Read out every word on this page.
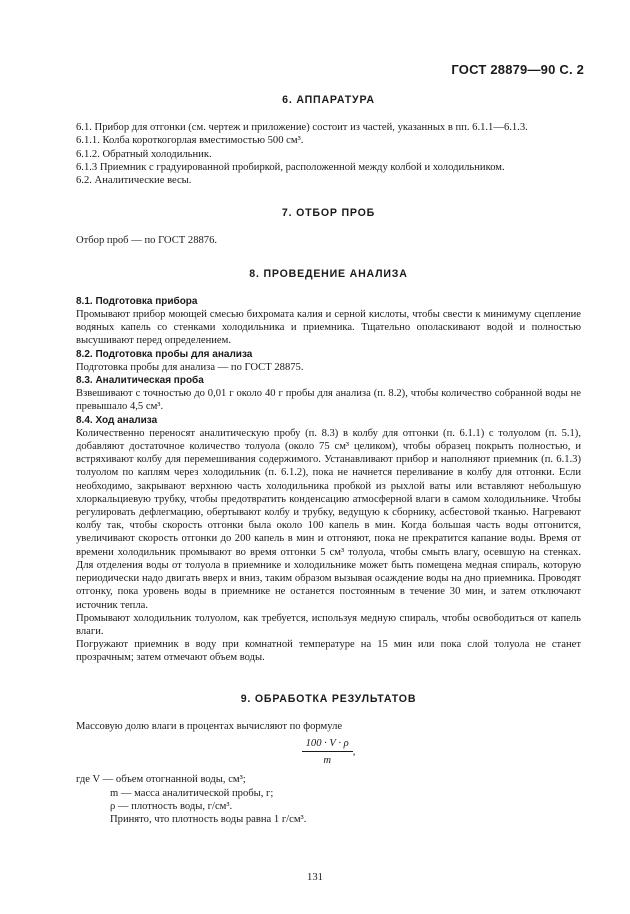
ГОСТ 28879—90 С. 2
6. АППАРАТУРА

6.1. Прибор для отгонки (см. чертеж и приложение) состоит из частей, указанных в пп. 6.1.1—6.1.3.

6.1.1. Колба короткогорлая вместимостью 500 см³.

6.1.2. Обратный холодильник.

6.1.3 Приемник с градуированной пробиркой, расположенной между колбой и холодильником.

6.2. Аналитические весы.

7. ОТБОР ПРОБ

Отбор проб — по ГОСТ 28876.

8. ПРОВЕДЕНИЕ АНАЛИЗА
8.1. Подготовка прибора

Промывают прибор моющей смесью бихромата калия и серной кислоты, чтобы свести к минимуму сцепление водяных капель со стенками холодильника и приемника. Тщательно ополаскивают водой и полностью высушивают перед определением.

8.2. Подготовка пробы для анализа

Подготовка пробы для анализа — по ГОСТ 28875.

8.3. Аналитическая проба

Взвешивают с точностью до 0,01 г около 40 г пробы для анализа (п. 8.2), чтобы количество собранной воды не превышало 4,5 см³.

8.4. Ход анализа

Количественно переносят аналитическую пробу (п. 8.3) в колбу для отгонки (п. 6.1.1) с толуолом (п. 5.1), добавляют достаточное количество толуола (около 75 см³ целиком), чтобы образец покрыть полностью, и встряхивают колбу для перемешивания содержимого. Устанавливают прибор и наполняют приемник (п. 6.1.3) толуолом по каплям через холодильник (п. 6.1.2), пока не начнется переливание в колбу для отгонки. Если необходимо, закрывают верхнюю часть холодильника пробкой из рыхлой ваты или вставляют небольшую хлоркальциевую трубку, чтобы предотвратить конденсацию атмосферной влаги в самом холодильнике. Чтобы регулировать дефлегмацию, обертывают колбу и трубку, ведущую к сборнику, асбестовой тканью. Нагревают колбу так, чтобы скорость отгонки была около 100 капель в мин. Когда большая часть воды отгонится, увеличивают скорость отгонки до 200 капель в мин и отгоняют, пока не прекратится капание воды. Время от времени холодильник промывают во время отгонки 5 см³ толуола, чтобы смыть влагу, осевшую на стенках. Для отделения воды от толуола в приемнике и холодильнике может быть помещена медная спираль, которую периодически надо двигать вверх и вниз, таким образом вызывая осаждение воды на дно приемника. Проводят отгонку, пока уровень воды в приемнике не останется постоянным в течение 30 мин, и затем отключают источник тепла.

Промывают холодильник толуолом, как требуется, используя медную спираль, чтобы освободиться от капель влаги.

Погружают приемник в воду при комнатной температуре на 15 мин или пока слой толуола не станет прозрачным; затем отмечают объем воды.

9. ОБРАБОТКА РЕЗУЛЬТАТОВ

Массовую долю влаги в процентах вычисляют по формуле

$\frac{100 \cdot V \cdot \rho}{m}$ ,

где V — объем отогнанной воды, см³;

m — масса аналитической пробы, г;

ρ — плотность воды, г/см³.

Принято, что плотность воды равна 1 г/см³.

131
